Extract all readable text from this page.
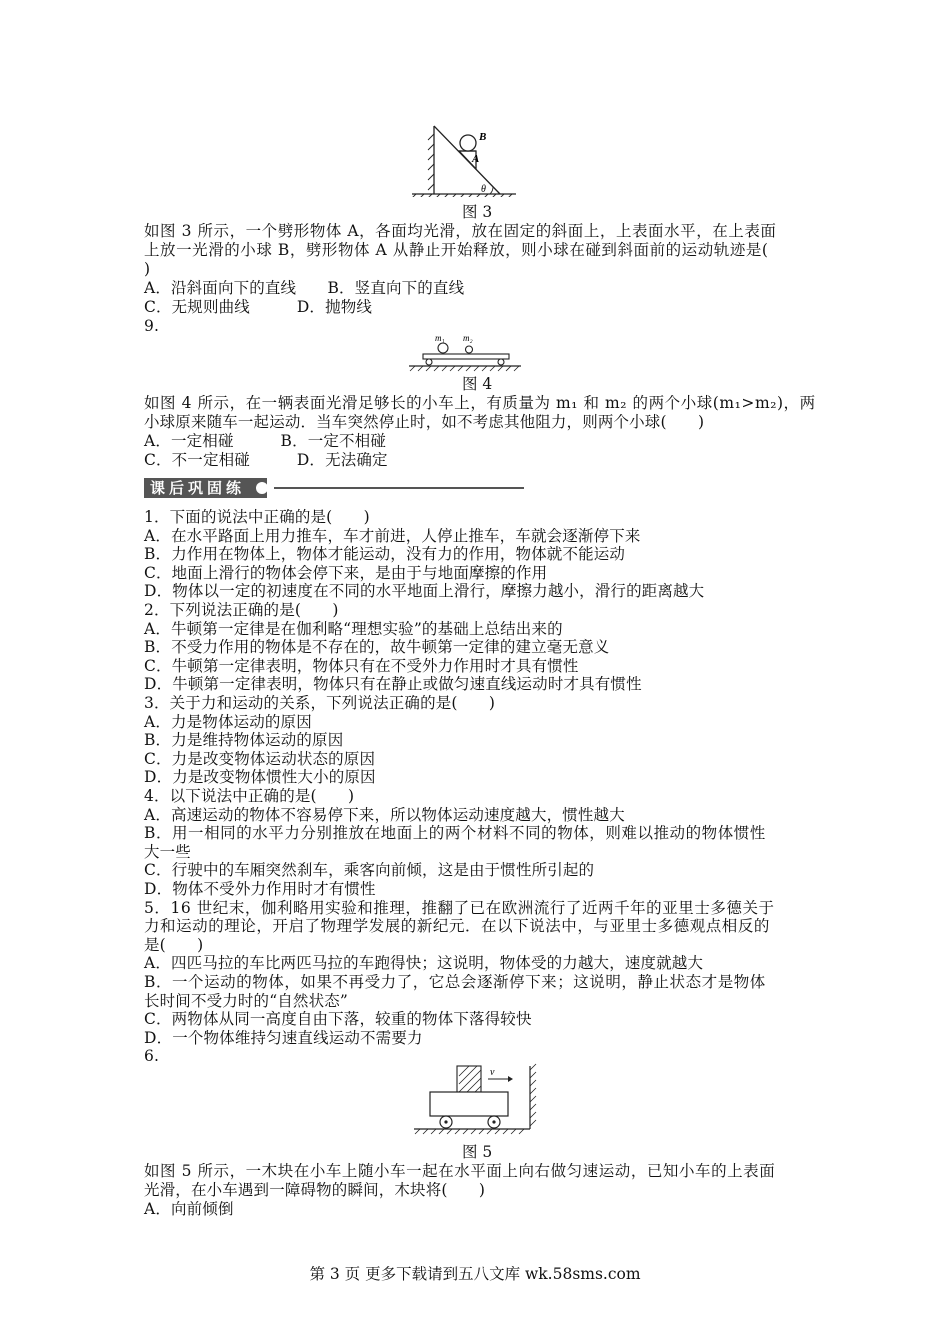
B
A
θ
图 3
如图 3 所示，一个劈形物体 A，各面均光滑，放在固定的斜面上，上表面水平，在上表面
上放一光滑的小球 B，劈形物体 A 从静止开始释放，则小球在碰到斜面前的运动轨迹是(
)
A．沿斜面向下的直线　　B．竖直向下的直线
C．无规则曲线　　　D．抛物线
9.
m₁ m₂
图 4
如图 4 所示，在一辆表面光滑足够长的小车上，有质量为 m₁ 和 m₂ 的两个小球(m₁>m₂)，两
小球原来随车一起运动．当车突然停止时，如不考虑其他阻力，则两个小球(　　)
A．一定相碰　　　B．一定不相碰
C．不一定相碰　　　D．无法确定
课后巩固练
1．下面的说法中正确的是(　　)
A．在水平路面上用力推车，车才前进，人停止推车，车就会逐渐停下来
B．力作用在物体上，物体才能运动，没有力的作用，物体就不能运动
C．地面上滑行的物体会停下来，是由于与地面摩擦的作用
D．物体以一定的初速度在不同的水平地面上滑行，摩擦力越小，滑行的距离越大
2．下列说法正确的是(　　)
A．牛顿第一定律是在伽利略“理想实验”的基础上总结出来的
B．不受力作用的物体是不存在的，故牛顿第一定律的建立毫无意义
C．牛顿第一定律表明，物体只有在不受外力作用时才具有惯性
D．牛顿第一定律表明，物体只有在静止或做匀速直线运动时才具有惯性
3．关于力和运动的关系，下列说法正确的是(　　)
A．力是物体运动的原因
B．力是维持物体运动的原因
C．力是改变物体运动状态的原因
D．力是改变物体惯性大小的原因
4．以下说法中正确的是(　　)
A．高速运动的物体不容易停下来，所以物体运动速度越大，惯性越大
B．用一相同的水平力分别推放在地面上的两个材料不同的物体，则难以推动的物体惯性
大一些
C．行驶中的车厢突然刹车，乘客向前倾，这是由于惯性所引起的
D．物体不受外力作用时才有惯性
5．16 世纪末，伽利略用实验和推理，推翻了已在欧洲流行了近两千年的亚里士多德关于
力和运动的理论，开启了物理学发展的新纪元．在以下说法中，与亚里士多德观点相反的
是(　　)
A．四匹马拉的车比两匹马拉的车跑得快；这说明，物体受的力越大，速度就越大
B．一个运动的物体，如果不再受力了，它总会逐渐停下来；这说明，静止状态才是物体
长时间不受力时的“自然状态”
C．两物体从同一高度自由下落，较重的物体下落得较快
D．一个物体维持匀速直线运动不需要力
6.
v
图 5
如图 5 所示，一木块在小车上随小车一起在水平面上向右做匀速运动，已知小车的上表面
光滑，在小车遇到一障碍物的瞬间，木块将(　　)
A．向前倾倒
第 3 页 更多下载请到五八文库 wk.58sms.com
